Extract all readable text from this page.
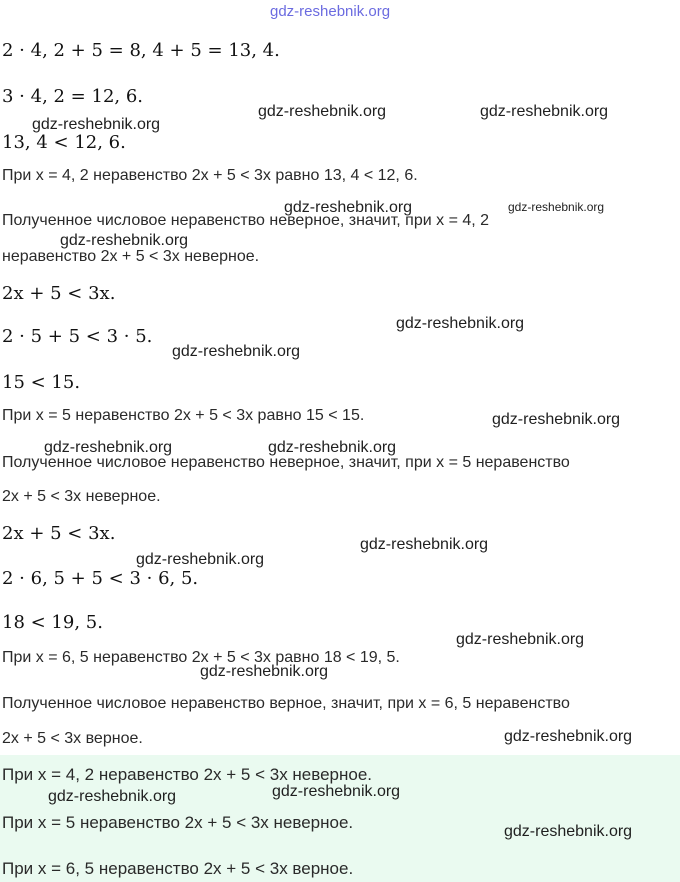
gdz-reshebnik.org
2 · 4, 2 + 5 = 8, 4 + 5 = 13, 4.
3 · 4, 2 = 12, 6.
13, 4 < 12, 6.
При x = 4, 2 неравенство 2x + 5 < 3x равно 13, 4 < 12, 6.
Полученное числовое неравенство неверное, значит, при x = 4, 2
неравенство 2x + 5 < 3x неверное.
2x + 5 < 3x.
2 · 5 + 5 < 3 · 5.
15 < 15.
При x = 5 неравенство 2x + 5 < 3x равно 15 < 15.
Полученное числовое неравенство неверное, значит, при x = 5 неравенство
2x + 5 < 3x неверное.
2x + 5 < 3x.
2 · 6, 5 + 5 < 3 · 6, 5.
18 < 19, 5.
При x = 6, 5 неравенство 2x + 5 < 3x равно 18 < 19, 5.
Полученное числовое неравенство верное, значит, при x = 6, 5 неравенство
2x + 5 < 3x верное.
При x = 4, 2 неравенство 2x + 5 < 3x неверное.
При x = 5 неравенство 2x + 5 < 3x неверное.
При x = 6, 5 неравенство 2x + 5 < 3x верное.
gdz-reshebnik.org	gdz-reshebnik.org
gdz-reshebnik.org
gdz-reshebnik.org	gdz-reshebnik.org
gdz-reshebnik.org
gdz-reshebnik.org
gdz-reshebnik.org
gdz-reshebnik.org
gdz-reshebnik.org	gdz-reshebnik.org
gdz-reshebnik.org
gdz-reshebnik.org
gdz-reshebnik.org
gdz-reshebnik.org
gdz-reshebnik.org
gdz-reshebnik.org
gdz-reshebnik.org
gdz-reshebnik.org
